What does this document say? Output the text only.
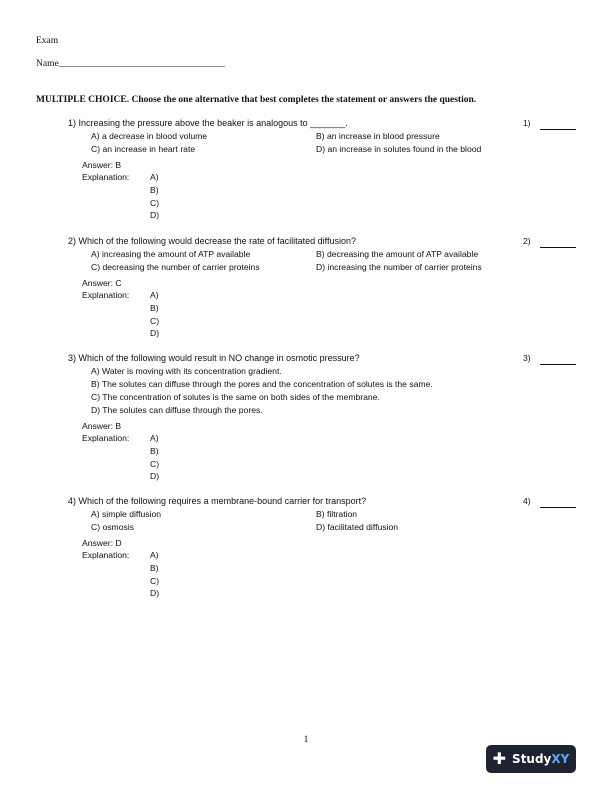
Exam
Name___________________________________
MULTIPLE CHOICE. Choose the one alternative that best completes the statement or answers the question.
1) Increasing the pressure above the beaker is analogous to _______.	1)
A) a decrease in blood volume	B) an increase in blood pressure
C) an increase in heart rate	D) an increase in solutes found in the blood
Answer: B
Explanation: A)
B)
C)
D)
2) Which of the following would decrease the rate of facilitated diffusion?	2)
A) increasing the amount of ATP available	B) decreasing the amount of ATP available
C) decreasing the number of carrier proteins	D) increasing the number of carrier proteins
Answer: C
Explanation: A)
B)
C)
D)
3) Which of the following would result in NO change in osmotic pressure?	3)
A) Water is moving with its concentration gradient.
B) The solutes can diffuse through the pores and the concentration of solutes is the same.
C) The concentration of solutes is the same on both sides of the membrane.
D) The solutes can diffuse through the pores.
Answer: B
Explanation: A)
B)
C)
D)
4) Which of the following requires a membrane-bound carrier for transport?	4)
A) simple diffusion	B) filtration
C) osmosis	D) facilitated diffusion
Answer: D
Explanation: A)
B)
C)
D)
1
✚ StudyXY
